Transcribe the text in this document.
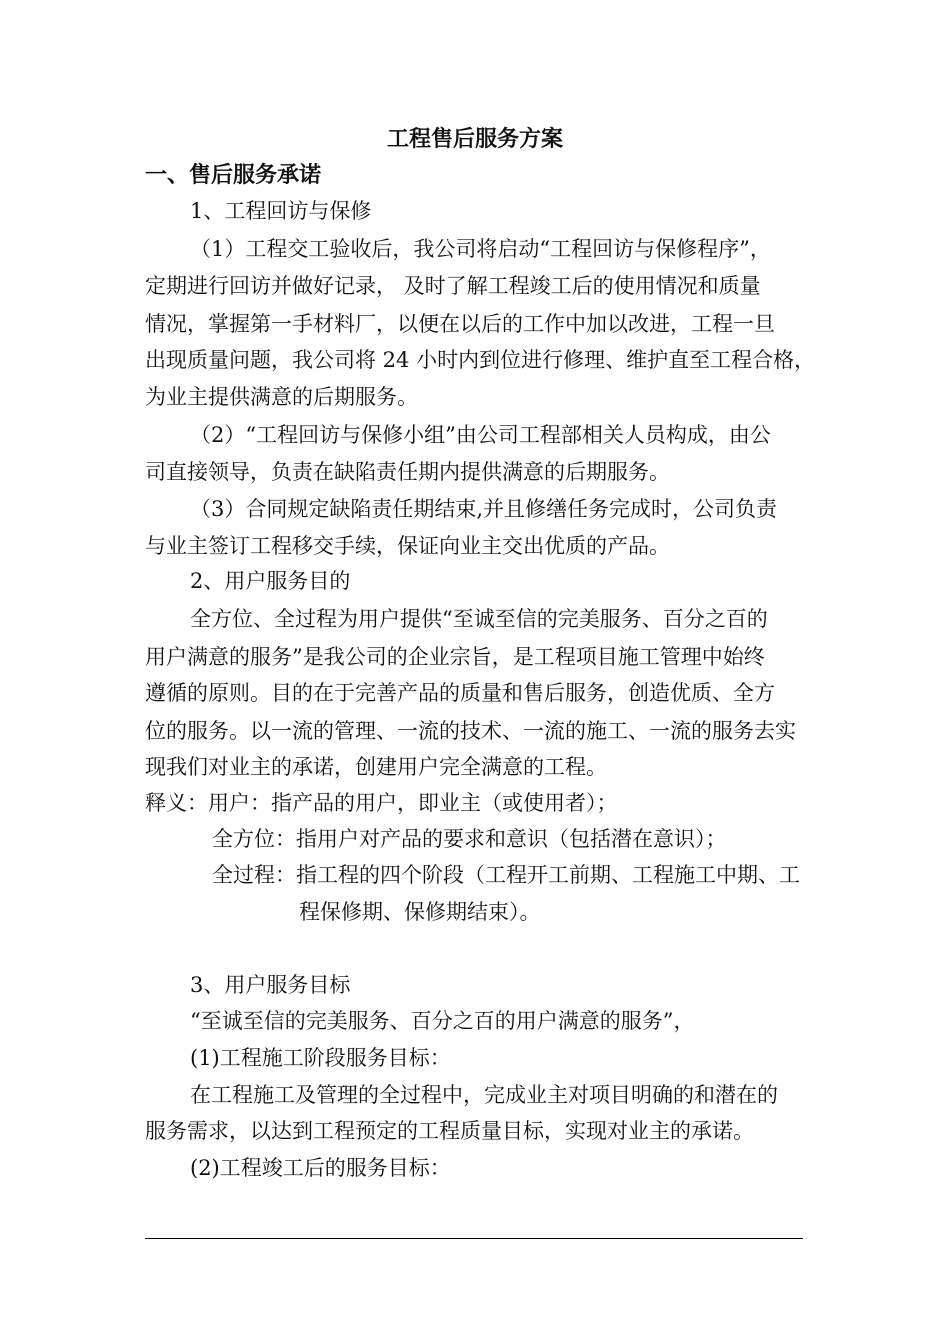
工程售后服务方案
一、售后服务承诺
1、工程回访与保修
（1）工程交工验收后，我公司将启动“工程回访与保修程序”，
定期进行回访并做好记录， 及时了解工程竣工后的使用情况和质量
情况，掌握第一手材料厂，以便在以后的工作中加以改进，工程一旦
出现质量问题，我公司将 24 小时内到位进行修理、维护直至工程合格，
为业主提供满意的后期服务。
（2）“工程回访与保修小组”由公司工程部相关人员构成，由公
司直接领导，负责在缺陷责任期内提供满意的后期服务。
（3）合同规定缺陷责任期结束,并且修缮任务完成时，公司负责
与业主签订工程移交手续，保证向业主交出优质的产品。
2、用户服务目的
全方位、全过程为用户提供“至诚至信的完美服务、百分之百的
用户满意的服务”是我公司的企业宗旨，是工程项目施工管理中始终
遵循的原则。目的在于完善产品的质量和售后服务，创造优质、全方
位的服务。以一流的管理、一流的技术、一流的施工、一流的服务去实
现我们对业主的承诺，创建用户完全满意的工程。
释义：用户：指产品的用户，即业主（或使用者）；
全方位：指用户对产品的要求和意识（包括潜在意识）；
全过程：指工程的四个阶段（工程开工前期、工程施工中期、工
程保修期、保修期结束）。
3、用户服务目标
“至诚至信的完美服务、百分之百的用户满意的服务”，
(1)工程施工阶段服务目标：
在工程施工及管理的全过程中，完成业主对项目明确的和潜在的
服务需求，以达到工程预定的工程质量目标，实现对业主的承诺。
(2)工程竣工后的服务目标：
